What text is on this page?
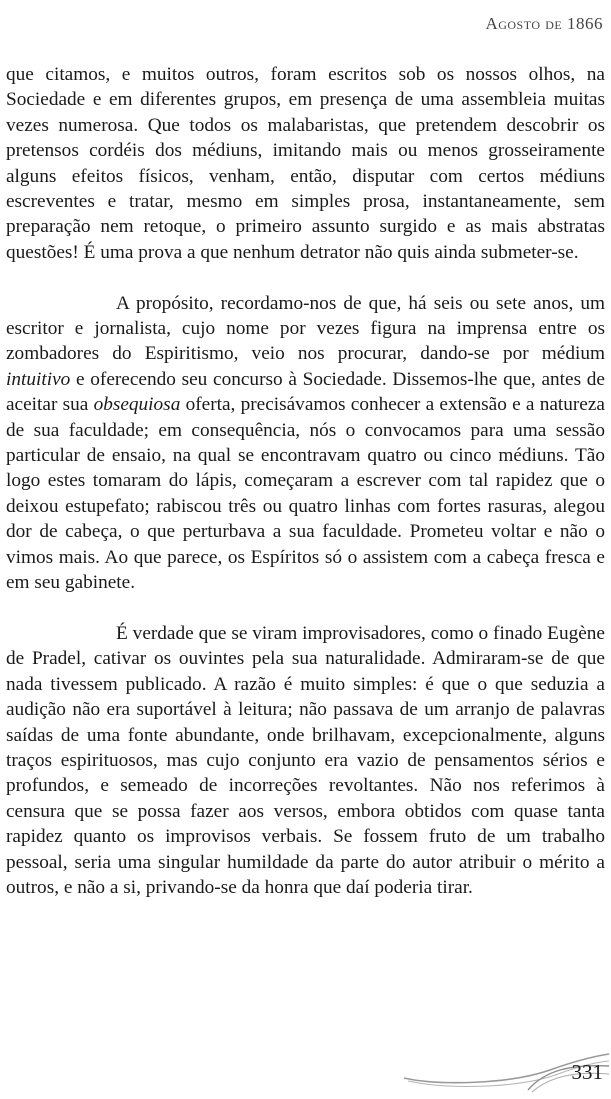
Agosto de 1866

que citamos, e muitos outros, foram escritos sob os nossos olhos, na Sociedade e em diferentes grupos, em presença de uma assembleia muitas vezes numerosa. Que todos os malabaristas, que pretendem descobrir os pretensos cordéis dos médiuns, imitando mais ou menos grosseiramente alguns efeitos físicos, venham, então, disputar com certos médiuns escreventes e tratar, mesmo em simples prosa, instantaneamente, sem preparação nem retoque, o primeiro assunto surgido e as mais abstratas questões! É uma prova a que nenhum detrator não quis ainda submeter-se.

A propósito, recordamo-nos de que, há seis ou sete anos, um escritor e jornalista, cujo nome por vezes figura na imprensa entre os zombadores do Espiritismo, veio nos procurar, dando-se por médium intuitivo e oferecendo seu concurso à Sociedade. Dissemos-lhe que, antes de aceitar sua obsequiosa oferta, precisávamos conhecer a extensão e a natureza de sua faculdade; em consequência, nós o convocamos para uma sessão particular de ensaio, na qual se encontravam quatro ou cinco médiuns. Tão logo estes tomaram do lápis, começaram a escrever com tal rapidez que o deixou estupefato; rabiscou três ou quatro linhas com fortes rasuras, alegou dor de cabeça, o que perturbava a sua faculdade. Prometeu voltar e não o vimos mais. Ao que parece, os Espíritos só o assistem com a cabeça fresca e em seu gabinete.

É verdade que se viram improvisadores, como o finado Eugène de Pradel, cativar os ouvintes pela sua naturalidade. Admiraram-se de que nada tivessem publicado. A razão é muito simples: é que o que seduzia a audição não era suportável à leitura; não passava de um arranjo de palavras saídas de uma fonte abundante, onde brilhavam, excepcionalmente, alguns traços espirituosos, mas cujo conjunto era vazio de pensamentos sérios e profundos, e semeado de incorreções revoltantes. Não nos referimos à censura que se possa fazer aos versos, embora obtidos com quase tanta rapidez quanto os improvisos verbais. Se fossem fruto de um trabalho pessoal, seria uma singular humildade da parte do autor atribuir o mérito a outros, e não a si, privando-se da honra que daí poderia tirar.

331
